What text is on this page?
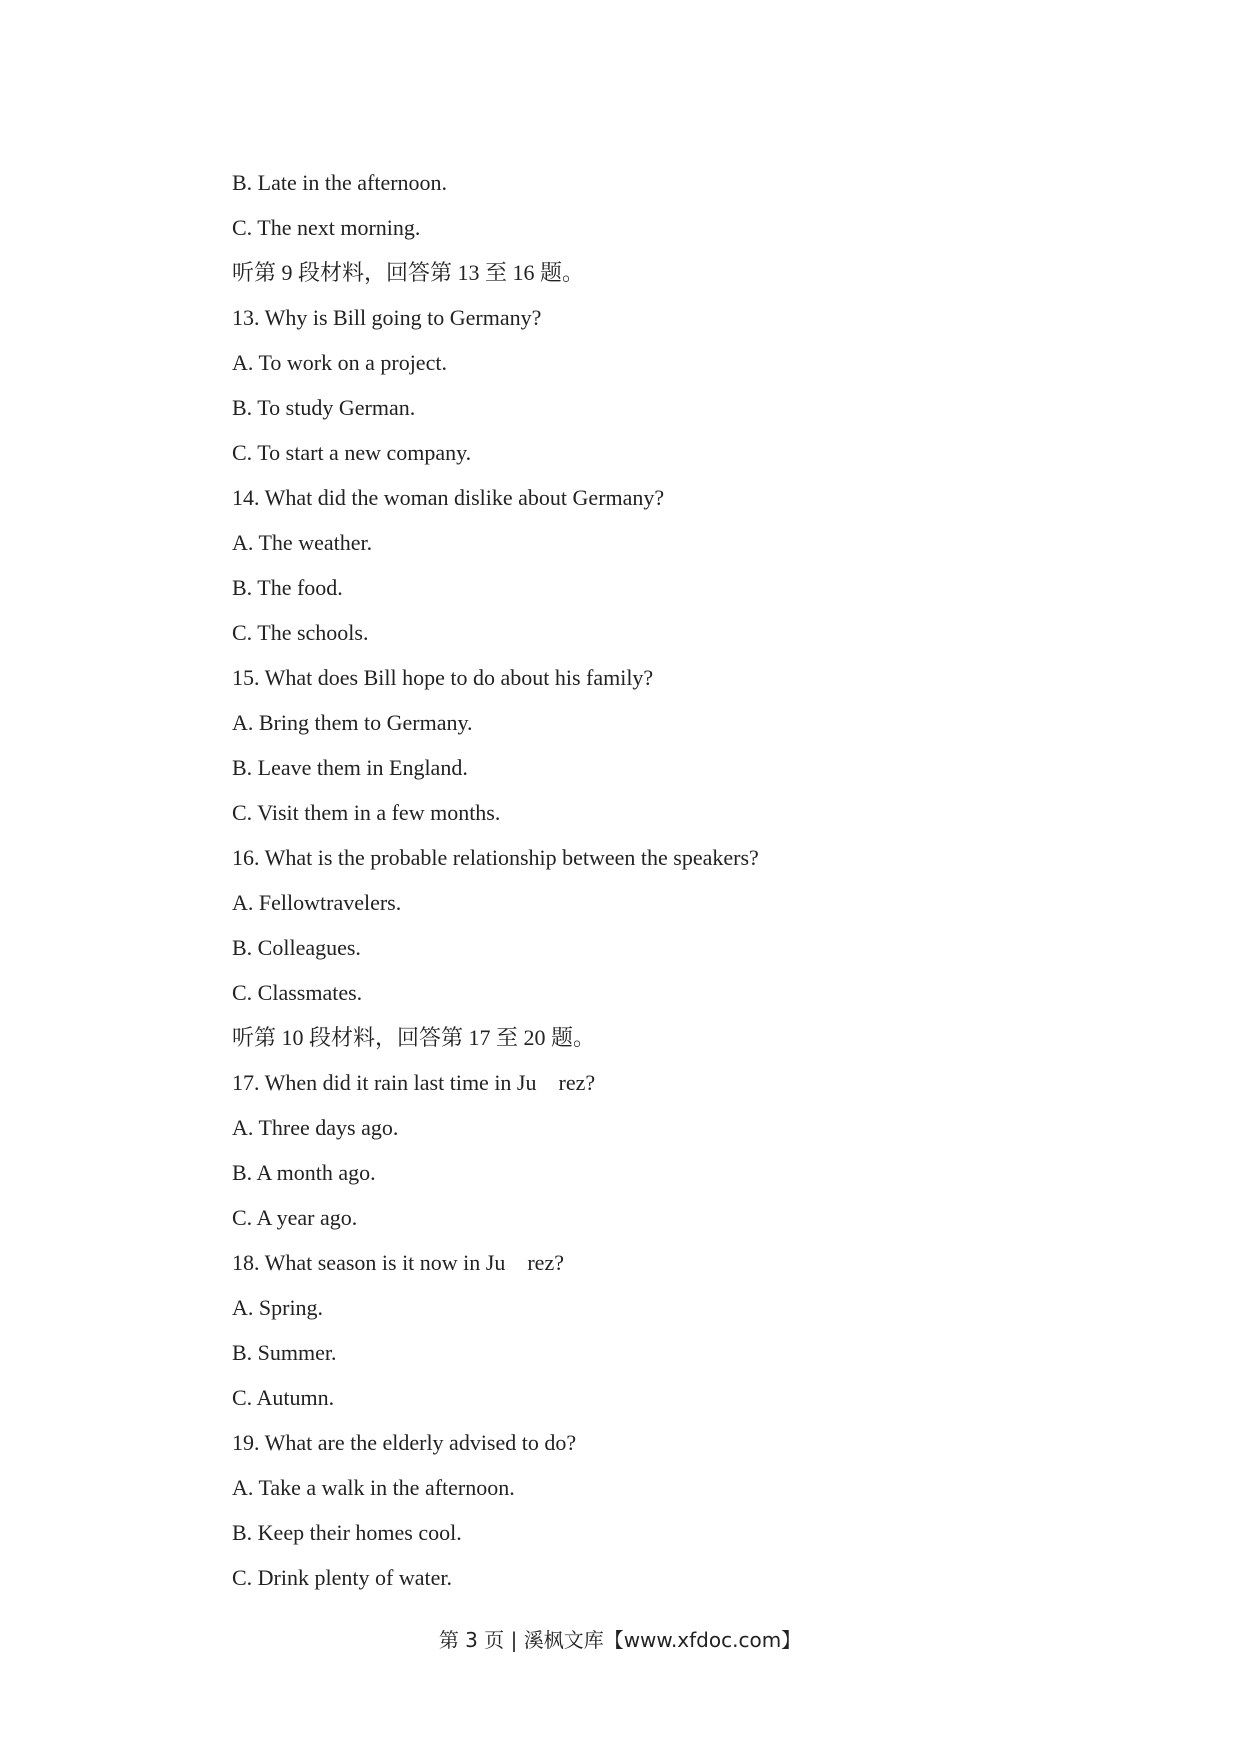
B. Late in the afternoon.
C. The next morning.
听第 9 段材料，回答第 13 至 16 题。
13. Why is Bill going to Germany?
A. To work on a project.
B. To study German.
C. To start a new company.
14. What did the woman dislike about Germany?
A. The weather.
B. The food.
C. The schools.
15. What does Bill hope to do about his family?
A. Bring them to Germany.
B. Leave them in England.
C. Visit them in a few months.
16. What is the probable relationship between the speakers?
A. Fellowtravelers.
B. Colleagues.
C. Classmates.
听第 10 段材料，回答第 17 至 20 题。
17. When did it rain last time in Ju    rez?
A. Three days ago.
B. A month ago.
C. A year ago.
18. What season is it now in Ju    rez?
A. Spring.
B. Summer.
C. Autumn.
19. What are the elderly advised to do?
A. Take a walk in the afternoon.
B. Keep their homes cool.
C. Drink plenty of water.
第 3 页 | 溪枫文库【www.xfdoc.com】
